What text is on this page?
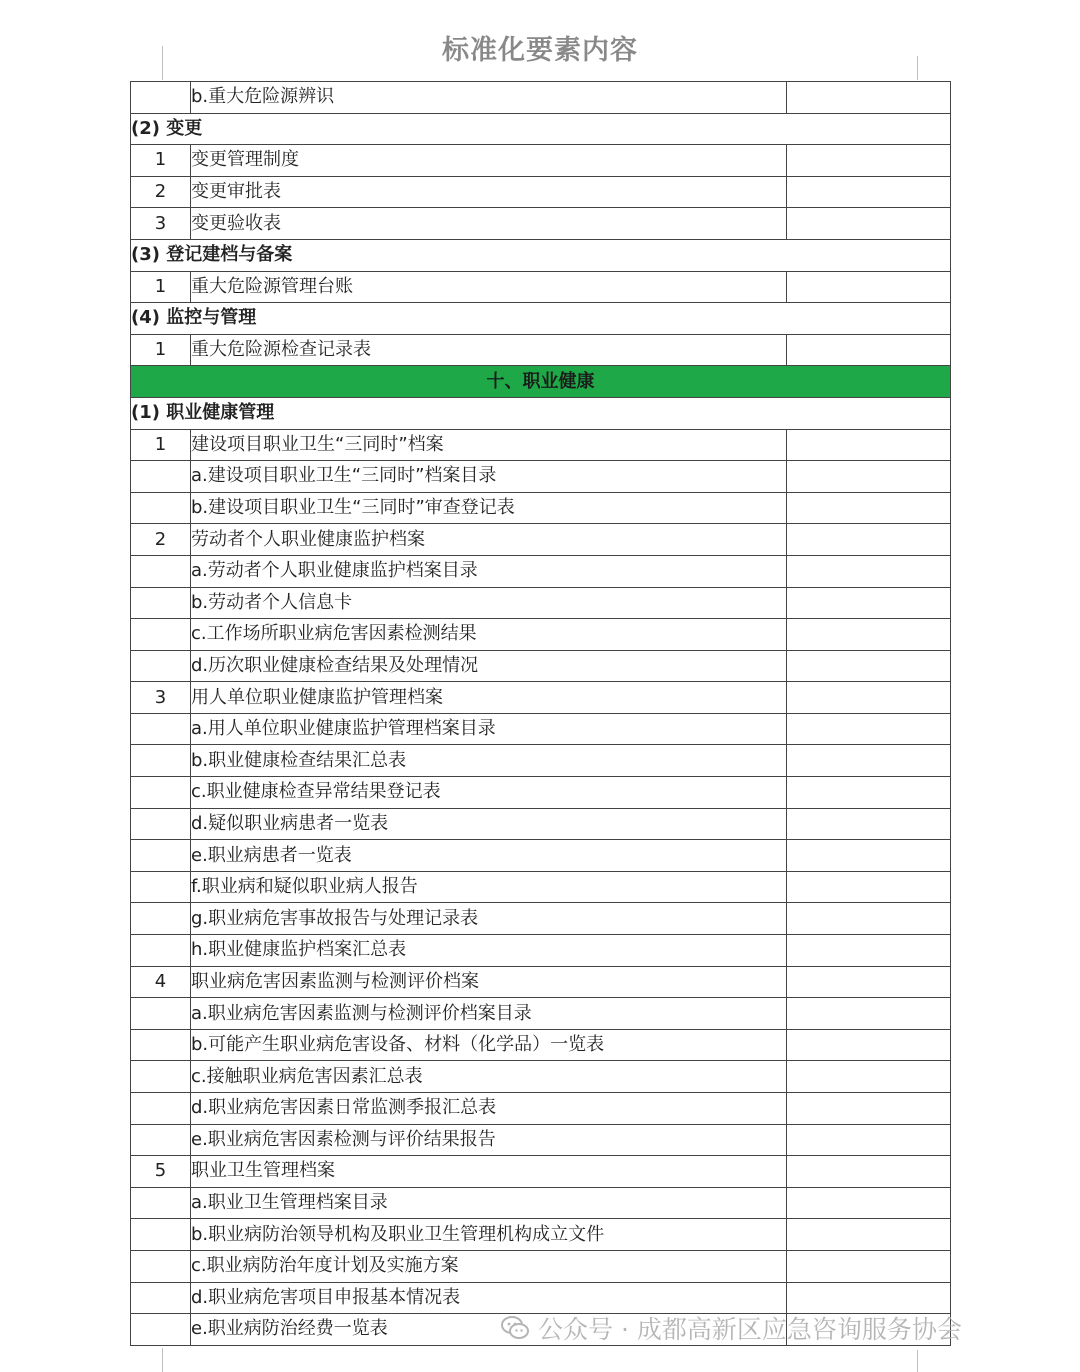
标准化要素内容
	b.重大危险源辨识	
(2) 变更		
1	变更管理制度	
2	变更审批表	
3	变更验收表	
(3) 登记建档与备案		
1	重大危险源管理台账	
(4) 监控与管理		
1	重大危险源检查记录表	
十、职业健康		
(1) 职业健康管理		
1	建设项目职业卫生“三同时”档案	
	a.建设项目职业卫生“三同时”档案目录	
	b.建设项目职业卫生“三同时”审查登记表	
2	劳动者个人职业健康监护档案	
	a.劳动者个人职业健康监护档案目录	
	b.劳动者个人信息卡	
	c.工作场所职业病危害因素检测结果	
	d.历次职业健康检查结果及处理情况	
3	用人单位职业健康监护管理档案	
	a.用人单位职业健康监护管理档案目录	
	b.职业健康检查结果汇总表	
	c.职业健康检查异常结果登记表	
	d.疑似职业病患者一览表	
	e.职业病患者一览表	
	f.职业病和疑似职业病人报告	
	g.职业病危害事故报告与处理记录表	
	h.职业健康监护档案汇总表	
4	职业病危害因素监测与检测评价档案	
	a.职业病危害因素监测与检测评价档案目录	
	b.可能产生职业病危害设备、材料（化学品）一览表	
	c.接触职业病危害因素汇总表	
	d.职业病危害因素日常监测季报汇总表	
	e.职业病危害因素检测与评价结果报告	
5	职业卫生管理档案	
	a.职业卫生管理档案目录	
	b.职业病防治领导机构及职业卫生管理机构成立文件	
	c.职业病防治年度计划及实施方案	
	d.职业病危害项目申报基本情况表	
	e.职业病防治经费一览表		公众号 · 成都高新区应急咨询服务协会
